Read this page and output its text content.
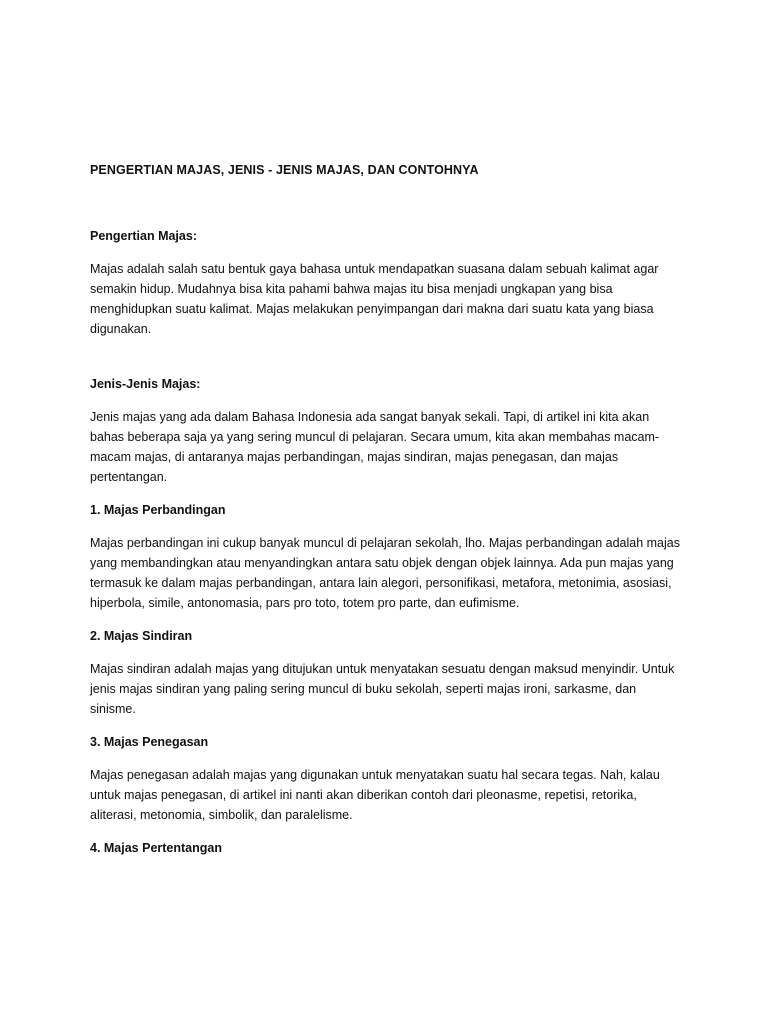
PENGERTIAN MAJAS, JENIS - JENIS MAJAS, DAN CONTOHNYA

Pengertian Majas:

Majas adalah salah satu bentuk gaya bahasa untuk mendapatkan suasana dalam sebuah kalimat agar semakin hidup. Mudahnya bisa kita pahami bahwa majas itu bisa menjadi ungkapan yang bisa menghidupkan suatu kalimat. Majas melakukan penyimpangan dari makna dari suatu kata yang biasa digunakan.

Jenis-Jenis Majas:

Jenis majas yang ada dalam Bahasa Indonesia ada sangat banyak sekali. Tapi, di artikel ini kita akan bahas beberapa saja ya yang sering muncul di pelajaran. Secara umum, kita akan membahas macam-macam majas, di antaranya majas perbandingan, majas sindiran, majas penegasan, dan majas pertentangan.

1. Majas Perbandingan

Majas perbandingan ini cukup banyak muncul di pelajaran sekolah, lho. Majas perbandingan adalah majas yang membandingkan atau menyandingkan antara satu objek dengan objek lainnya. Ada pun majas yang termasuk ke dalam majas perbandingan, antara lain alegori, personifikasi, metafora, metonimia, asosiasi, hiperbola, simile, antonomasia, pars pro toto, totem pro parte, dan eufimisme.

2. Majas Sindiran

Majas sindiran adalah majas yang ditujukan untuk menyatakan sesuatu dengan maksud menyindir. Untuk jenis majas sindiran yang paling sering muncul di buku sekolah, seperti majas ironi, sarkasme, dan sinisme.

3. Majas Penegasan

Majas penegasan adalah majas yang digunakan untuk menyatakan suatu hal secara tegas. Nah, kalau untuk majas penegasan, di artikel ini nanti akan diberikan contoh dari pleonasme, repetisi, retorika, aliterasi, metonomia, simbolik, dan paralelisme.

4. Majas Pertentangan
